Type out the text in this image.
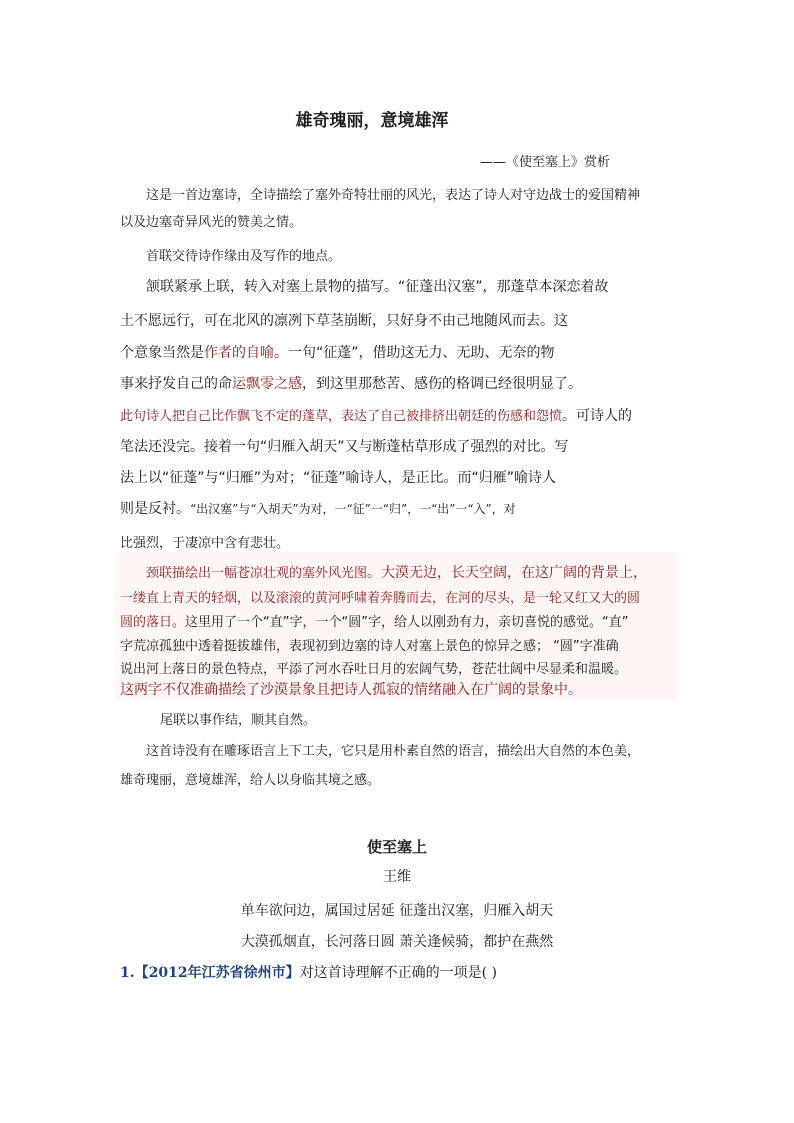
雄奇瑰丽，意境雄浑
——《使至塞上》赏析
这是一首边塞诗，全诗描绘了塞外奇特壮丽的风光，表达了诗人对守边战士的爱国精神
以及边塞奇异风光的赞美之情。
首联交待诗作缘由及写作的地点。
颔联紧承上联，转入对塞上景物的描写。“征蓬出汉塞”，那蓬草本深恋着故
土不愿远行，可在北风的凛冽下草茎崩断，只好身不由己地随风而去。这
个意象当然是作者的自喻。一句“征蓬”，借助这无力、无助、无奈的物
事来抒发自己的命运飘零之感，到这里那愁苦、感伤的格调已经很明显了。
此句诗人把自己比作飘飞不定的蓬草，表达了自己被排挤出朝廷的伤感和怨愤。可诗人的
笔法还没完。接着一句“归雁入胡天”又与断蓬枯草形成了强烈的对比。写
法上以“征蓬”与“归雁”为对；“征蓬”喻诗人，是正比。而“归雁”喻诗人
则是反衬。“出汉塞”与“入胡天”为对，一“征”一“归”，一“出”一“入”，对
比强烈，于凄凉中含有悲壮。
颈联描绘出一幅苍凉壮观的塞外风光图。大漠无边，长天空阔，在这广阔的背景上，
一缕直上青天的轻烟，以及滚滚的黄河呼啸着奔腾而去，在河的尽头，是一轮又红又大的圆
圆的落日。这里用了一个“直”字，一个“圆”字，给人以刚劲有力，亲切喜悦的感觉。“直”
字荒凉孤独中透着挺拔雄伟，表现初到边塞的诗人对塞上景色的惊异之感； “圆”字准确
说出河上落日的景色特点，平添了河水吞吐日月的宏阔气势，苍茫壮阔中尽显柔和温暖。
这两字不仅准确描绘了沙漠景象且把诗人孤寂的情绪融入在广阔的景象中。
尾联以事作结，顺其自然。
这首诗没有在雕琢语言上下工夫，它只是用朴素自然的语言，描绘出大自然的本色美，
雄奇瑰丽，意境雄浑，给人以身临其境之感。
使至塞上
王维
单车欲问边，属国过居延 征蓬出汉塞，归雁入胡天
大漠孤烟直，长河落日圆 萧关逢候骑，都护在燕然
1.【2012年江苏省徐州市】对这首诗理解不正确的一项是( )
